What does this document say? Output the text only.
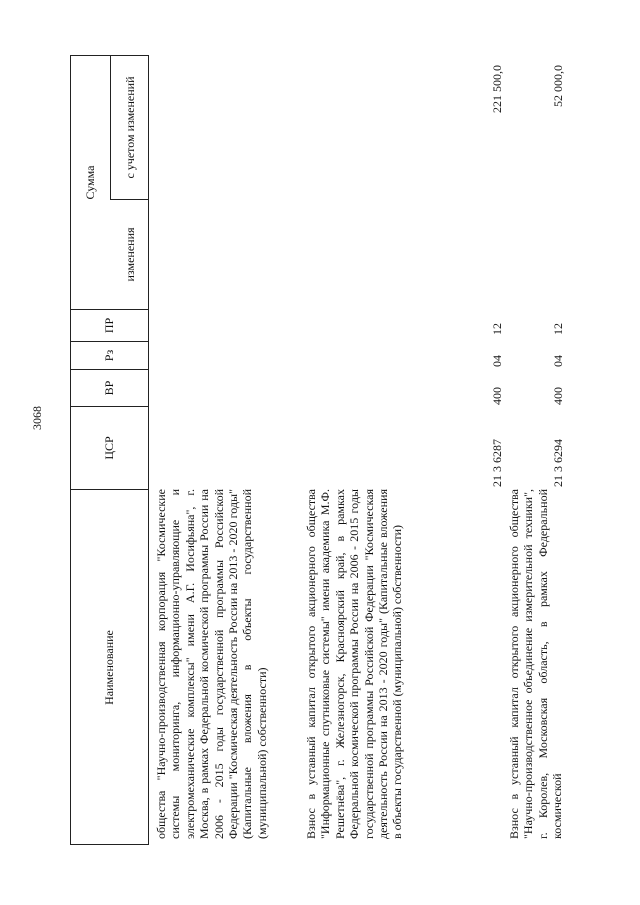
3068
Наименование
ЦСР
ВР
Рз
ПР
Сумма
изменения
с учетом изменений
общества "Научно-производственная корпорация "Космические системы мониторинга, информационно-управляющие и электромеханические комплексы" имени А.Г. Иосифьяна", г. Москва, в рамках Федеральной космической программы России на 2006 - 2015 годы государственной программы Российской Федерации "Космическая деятельность России на 2013 - 2020 годы" (Капитальные вложения в объекты государственной (муниципальной) собственности)	Взнос в уставный капитал открытого акционерного общества "Информационные спутниковые системы" имени академика М.Ф. Решетнёва", г. Железногорск, Красноярский край, в рамках Федеральной космической программы России на 2006 - 2015 годы государственной программы Российской Федерации "Космическая деятельность России на 2013 - 2020 годы" (Капитальные вложения в объекты государственной (муниципальной) собственности)
21 3 6287
400
04
12
221 500,0
Взнос в уставный капитал открытого акционерного общества "Научно-производственное объединение измерительной техники", г. Королев, Московская область, в рамках Федеральной космической
21 3 6294
400
04
12
52 000,0
